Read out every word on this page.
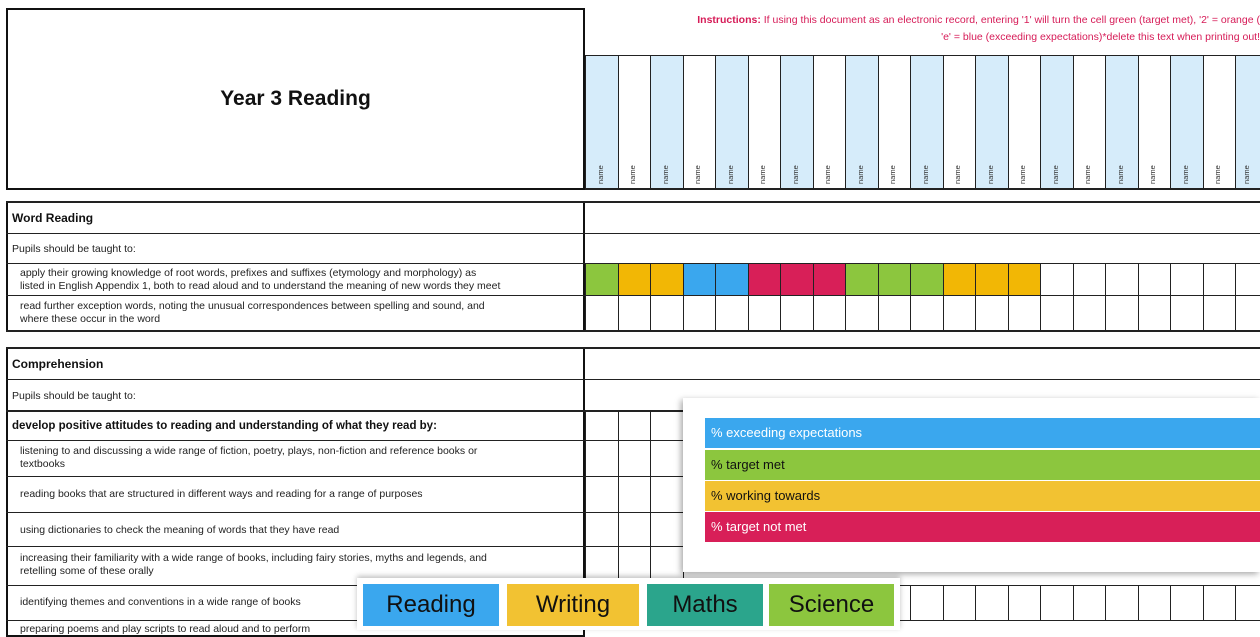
Year 3 Reading
Instructions: If using this document as an electronic record, entering '1' will turn the cell green (target met), '2' = orange (
'e' = blue (exceeding expectations)*delete this text when printing out!
name	name	name	name	name	name	name	name	name	name	name	name	name	name	name	name	name	name	name	name	name
Word Reading
Pupils should be taught to:
apply their growing knowledge of root words, prefixes and suffixes (etymology and morphology) as
listed in English Appendix 1, both to read aloud and to understand the meaning of new words they meet
read further exception words, noting the unusual correspondences between spelling and sound, and
where these occur in the word
Comprehension
Pupils should be taught to:
develop positive attitudes to reading and understanding of what they read by:
listening to and discussing a wide range of fiction, poetry, plays, non-fiction and reference books or
textbooks
reading books that are structured in different ways and reading for a range of purposes
using dictionaries to check the meaning of words that they have read
increasing their familiarity with a wide range of books, including fairy stories, myths and legends, and
retelling some of these orally
identifying themes and conventions in a wide range of books
preparing poems and play scripts to read aloud and to perform
% exceeding expectations
% target met
% working towards
% target not met
Reading	Writing	Maths	Science
